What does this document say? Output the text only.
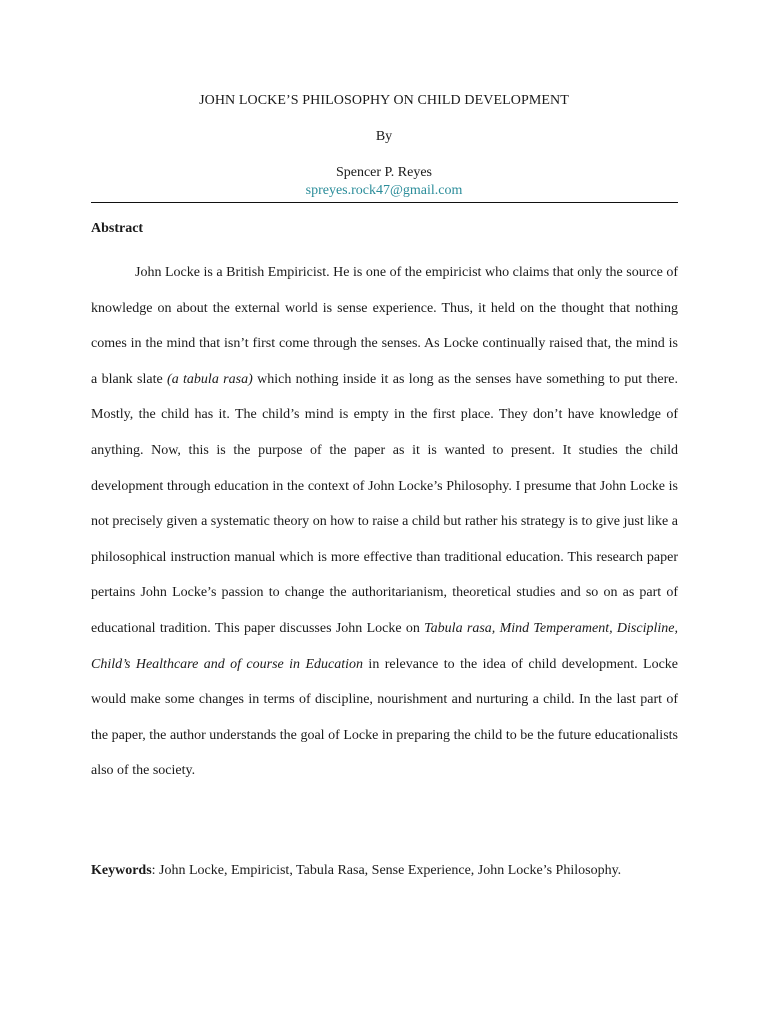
JOHN LOCKE’S PHILOSOPHY ON CHILD DEVELOPMENT
By
Spencer P. Reyes
spreyes.rock47@gmail.com
Abstract
John Locke is a British Empiricist. He is one of the empiricist who claims that only the source of knowledge on about the external world is sense experience. Thus, it held on the thought that nothing comes in the mind that isn’t first come through the senses. As Locke continually raised that, the mind is a blank slate (a tabula rasa) which nothing inside it as long as the senses have something to put there. Mostly, the child has it. The child’s mind is empty in the first place. They don’t have knowledge of anything. Now, this is the purpose of the paper as it is wanted to present. It studies the child development through education in the context of John Locke’s Philosophy. I presume that John Locke is not precisely given a systematic theory on how to raise a child but rather his strategy is to give just like a philosophical instruction manual which is more effective than traditional education. This research paper pertains John Locke’s passion to change the authoritarianism, theoretical studies and so on as part of educational tradition. This paper discusses John Locke on Tabula rasa, Mind Temperament, Discipline, Child’s Healthcare and of course in Education in relevance to the idea of child development. Locke would make some changes in terms of discipline, nourishment and nurturing a child. In the last part of the paper, the author understands the goal of Locke in preparing the child to be the future educationalists also of the society.
Keywords: John Locke, Empiricist, Tabula Rasa, Sense Experience, John Locke’s Philosophy.
